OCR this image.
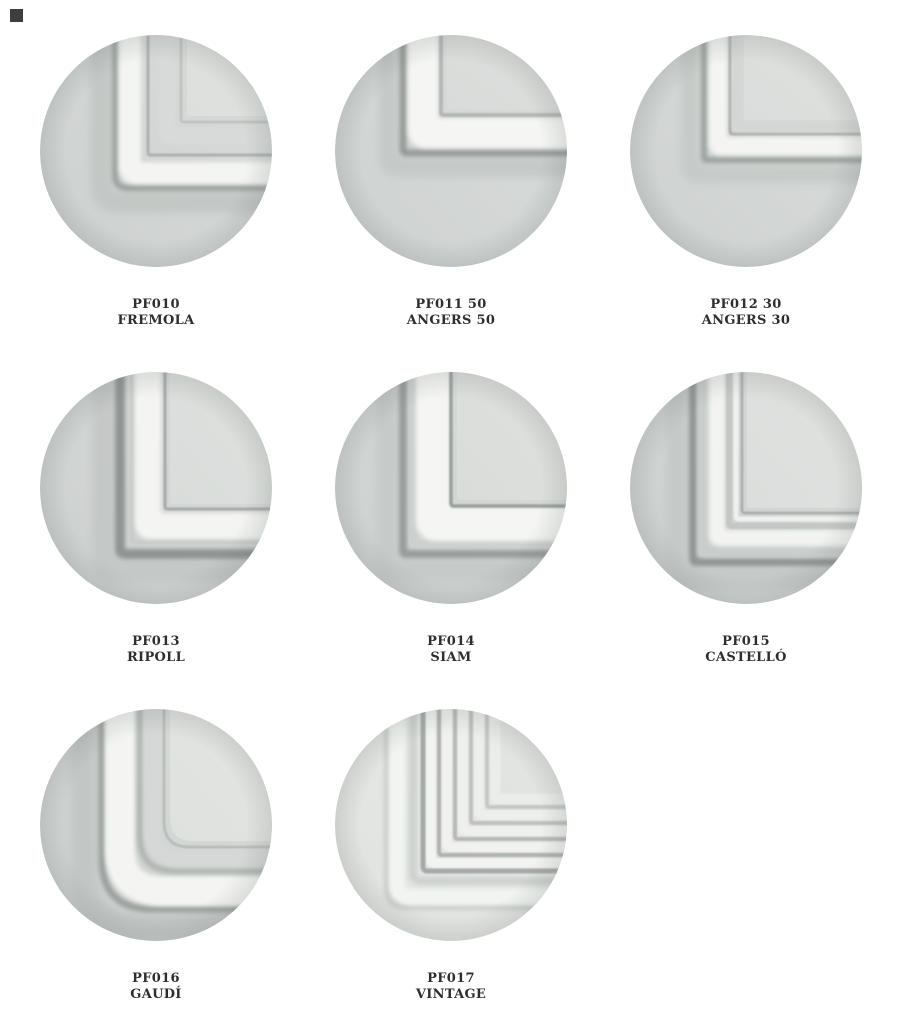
PF010
FREMOLA
PF011 50
ANGERS 50
PF012 30
ANGERS 30
PF013
RIPOLL
PF014
SIAM
PF015
CASTELLÓ
PF016
GAUDÍ
PF017
VINTAGE
